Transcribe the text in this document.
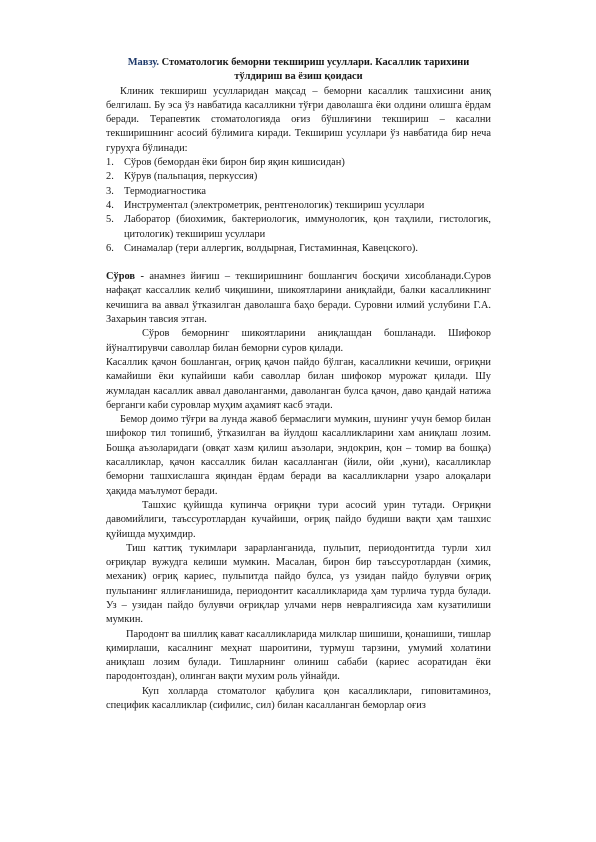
Мавзу. Стоматологик беморни текшириш усуллари. Касаллик тарихини тўлдириш ва ёзиш қоидаси

Клиник текшириш усулларидан мақсад – беморни касаллик ташхисини аниқ белгилаш. Бу эса ўз навбатида касалликни тўғри даволашга ёки олдини олишга ёрдам беради. Терапевтик стоматологияда оғиз бўшлиғини текшириш – касални текширишнинг асосий бўлимига киради. Текшириш усуллари ўз навбатида бир неча гуруҳга бўлинади:

1. Сўров (бемордан ёки бирон бир яқин кишисидан)
2. Кўрув (пальпация, перкуссия)
3. Термодиагностика
4. Инструментал (электрометрик, рентгенологик) текшириш усуллари
5. Лаборатор (биохимик, бактериологик, иммунологик, қон таҳлили, гистологик, цитологик) текшириш усуллари
6. Синамалар (тери аллергик, волдырная, Гистаминная, Кавецского).

Сўров - анамнез йиғиш – текширишнинг бошлангич босқичи хисобланади.Суров нафақат кассаллик келиб чиқишини, шикоятларини аниқлайди, балки касалликнинг кечишига ва аввал ўтказилган даволашга баҳо беради. Суровни илмий услубини Г.А. Захарьин тавсия этган.

Сўров беморнинг шикоятларини аниқлашдан бошланади. Шифокор йўналтирувчи саволлар билан беморни суров қилади.

Касаллик қачон бошланган, оғриқ қачон пайдо бўлган, касалликни кечиши, оғриқни камайиши ёки купайиши каби саволлар билан шифокор мурожат қилади. Шу жумладан касаллик аввал даволанганми, даволанган булса қачон, даво қандай натижа берганги каби суровлар муҳим аҳамият касб этади.

Бемор доимо тўғри ва лунда жавоб бермаслиги мумкин, шунинг учун бемор билан шифокор тил топишиб, ўтказилган ва йулдош касалликларини хам аниқлаш лозим. Бошқа аъзоларидаги (овқат хазм қилиш аъзолари, эндокрин, қон – томир ва бошқа) касалликлар, қачон кассаллик билан касалланган (йили, ойи ,куни), касалликлар беморни ташхислашга яқиндан ёрдам беради ва касалликларни узаро алоқалари ҳақида маълумот беради.

Ташхис қуйишда купинча оғриқни тури асосий урин тутади. Оғриқни давомийлиги, таъссуротлардан кучайиши, оғриқ пайдо будиши вақти ҳам ташхис қуйишда муҳимдир.

Тиш каттиқ тукимлари зарарланганида, пульпит, периодонтитда турли хил оғриқлар вужудга келиши мумкин. Масалан, бирон бир таъссуротлардан (химик, механик) оғриқ кариес, пульпитда пайдо булса, уз узидан пайдо булувчи оғриқ пульпанинг яллиғланишида, периодонтит касалликларида ҳам турлича турда булади. Уз – узидан пайдо булувчи оғриқлар улчами нерв невралгиясида хам кузатилиши мумкин.

Пародонт ва шиллиқ кават касалликларида милклар шишиши, қонашиши, тишлар қимирлаши, касалнинг меҳнат шароитини, турмуш тарзини, умумий холатини аниқлаш лозим булади. Тишларнинг олиниш сабаби (кариес асоратидан ёки пародонтоздан), олинган вақти мухим роль уйнайди.

Куп холларда стоматолог қабулига қон касалликлари, гиповитаминоз, специфик касалликлар (сифилис, сил) билан касалланган беморлар оғиз
